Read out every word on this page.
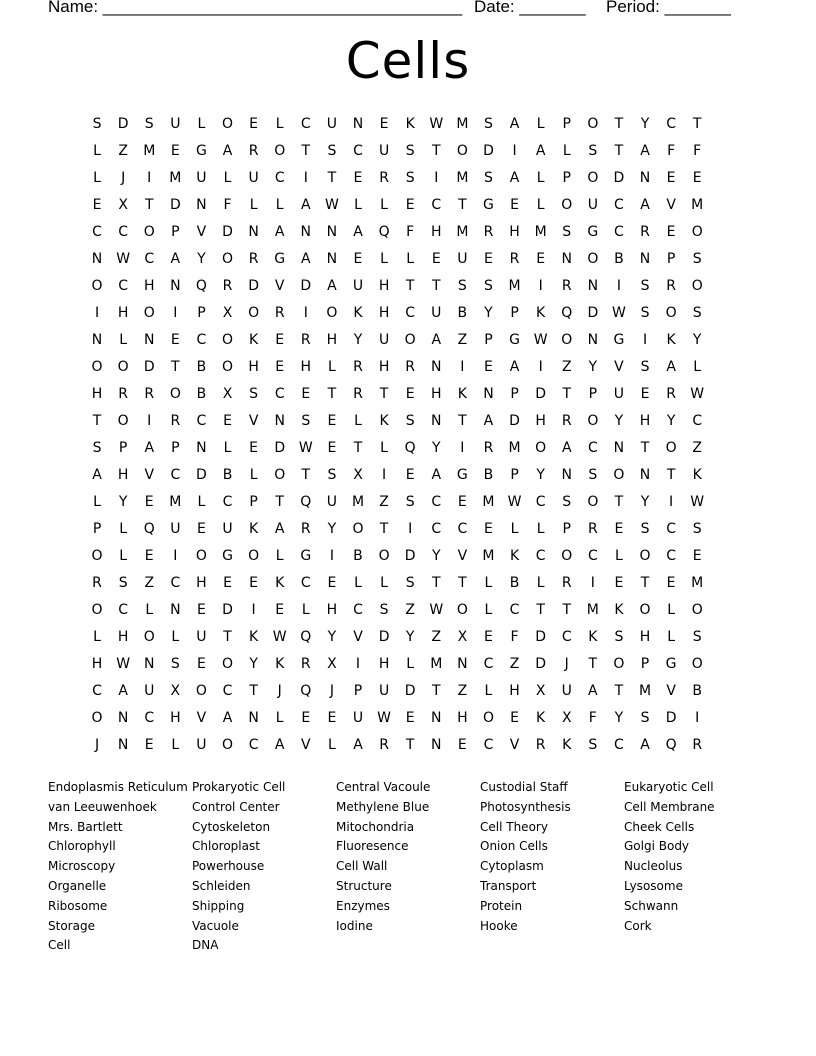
Name: ______________________________________ Date: _______ Period: _______
Cells
S	D	S	U	L	O	E	L	C	U	N	E	K	W M	S	A	L	P	O	T	Y	C	T
L	Z	M	E	G	A	R	O	T	S	C	U	S	T	O	D	I	A	L	S	T	A	F	F
L	J	I	M	U	L	U	C	I	T	E	R	S	I	M	S	A	L	P	O	D	N	E	E
E	X	T	D	N	F	L	L	A	W	L	L	E	C	T	G	E	L	O	U	C	A	V	M
C	C	O	P	V	D	N	A	N	N	A	Q	F	H	M	R	H	M	S	G	C	R	E	O
N W	C	A	Y	O	R	G	A	N	E	L	L	E	U	E	R	E	N	O	B	N	P	S
O	C	H	N	Q	R	D	V	D	A	U	H	T	T	S	S	M	I	R	N	I	S	R	O
I	H	O	I	P	X	O	R	I	O	K	H	C	U	B	Y	P	K	Q	D W	S	O	S
N	L	N	E	C	O	K	E	R	H	Y	U	O	A	Z	P	G W O	N	G	I	K	Y
O	O	D	T	B	O	H	E	H	L	R	H	R	N	I	E	A	I	Z	Y	V	S	A	L
H	R	R	O	B	X	S	C	E	T	R	T	E	H	K	N	P	D	T	P	U	E	R	W
T	O	I	R	C	E	V	N	S	E	L	K	S	N	T	A	D	H	R	O	Y	H	Y	C
S	P	A	P	N	L	E	D W	E	T	L	Q	Y	I	R	M	O	A	C	N	T	O	Z
A	H	V	C	D	B	L	O	T	S	X	I	E	A	G	B	P	Y	N	S	O	N	T	K
L	Y	E	M	L	C	P	T	Q	U	M	Z	S	C	E	M W	C	S	O	T	Y	I	W
P	L	Q	U	E	U	K	A	R	Y	O	T	I	C	C	E	L	L	P	R	E	S	C	S
O	L	E	I	O	G	O	L	G	I	B	O	D	Y	V	M	K	C	O	C	L	O	C	E
R	S	Z	C	H	E	E	K	C	E	L	L	S	T	T	L	B	L	R	I	E	T	E	M
O	C	L	N	E	D	I	E	L	H	C	S	Z	W O	L	C	T	T	M	K	O	L	O
L	H	O	L	U	T	K	W Q	Y	V	D	Y	Z	X	E	F	D	C	K	S	H	L	S
H W N	S	E	O	Y	K	R	X	I	H	L	M	N	C	Z	D	J	T	O	P	G	O
C	A	U	X	O	C	T	J	Q	J	P	U	D	T	Z	L	H	X	U	A	T	M	V	B
O	N	C	H	V	A	N	L	E	E	U	W	E	N	H	O	E	K	X	F	Y	S	D	I
J	N	E	L	U	O	C	A	V	L	A	R	T	N	E	C	V	R	K	S	C	A	Q	R
Endoplasmis Reticulum
van Leeuwenhoek
Mrs. Bartlett
Chlorophyll
Microscopy
Organelle
Ribosome
Storage
Cell
Prokaryotic Cell
Control Center
Cytoskeleton
Chloroplast
Powerhouse
Schleiden
Shipping
Vacuole
DNA
Central Vacoule
Methylene Blue
Mitochondria
Fluoresence
Cell Wall
Structure
Enzymes
Iodine
Custodial Staff
Photosynthesis
Cell Theory
Onion Cells
Cytoplasm
Transport
Protein
Hooke
Eukaryotic Cell
Cell Membrane
Cheek Cells
Golgi Body
Nucleolus
Lysosome
Schwann
Cork
